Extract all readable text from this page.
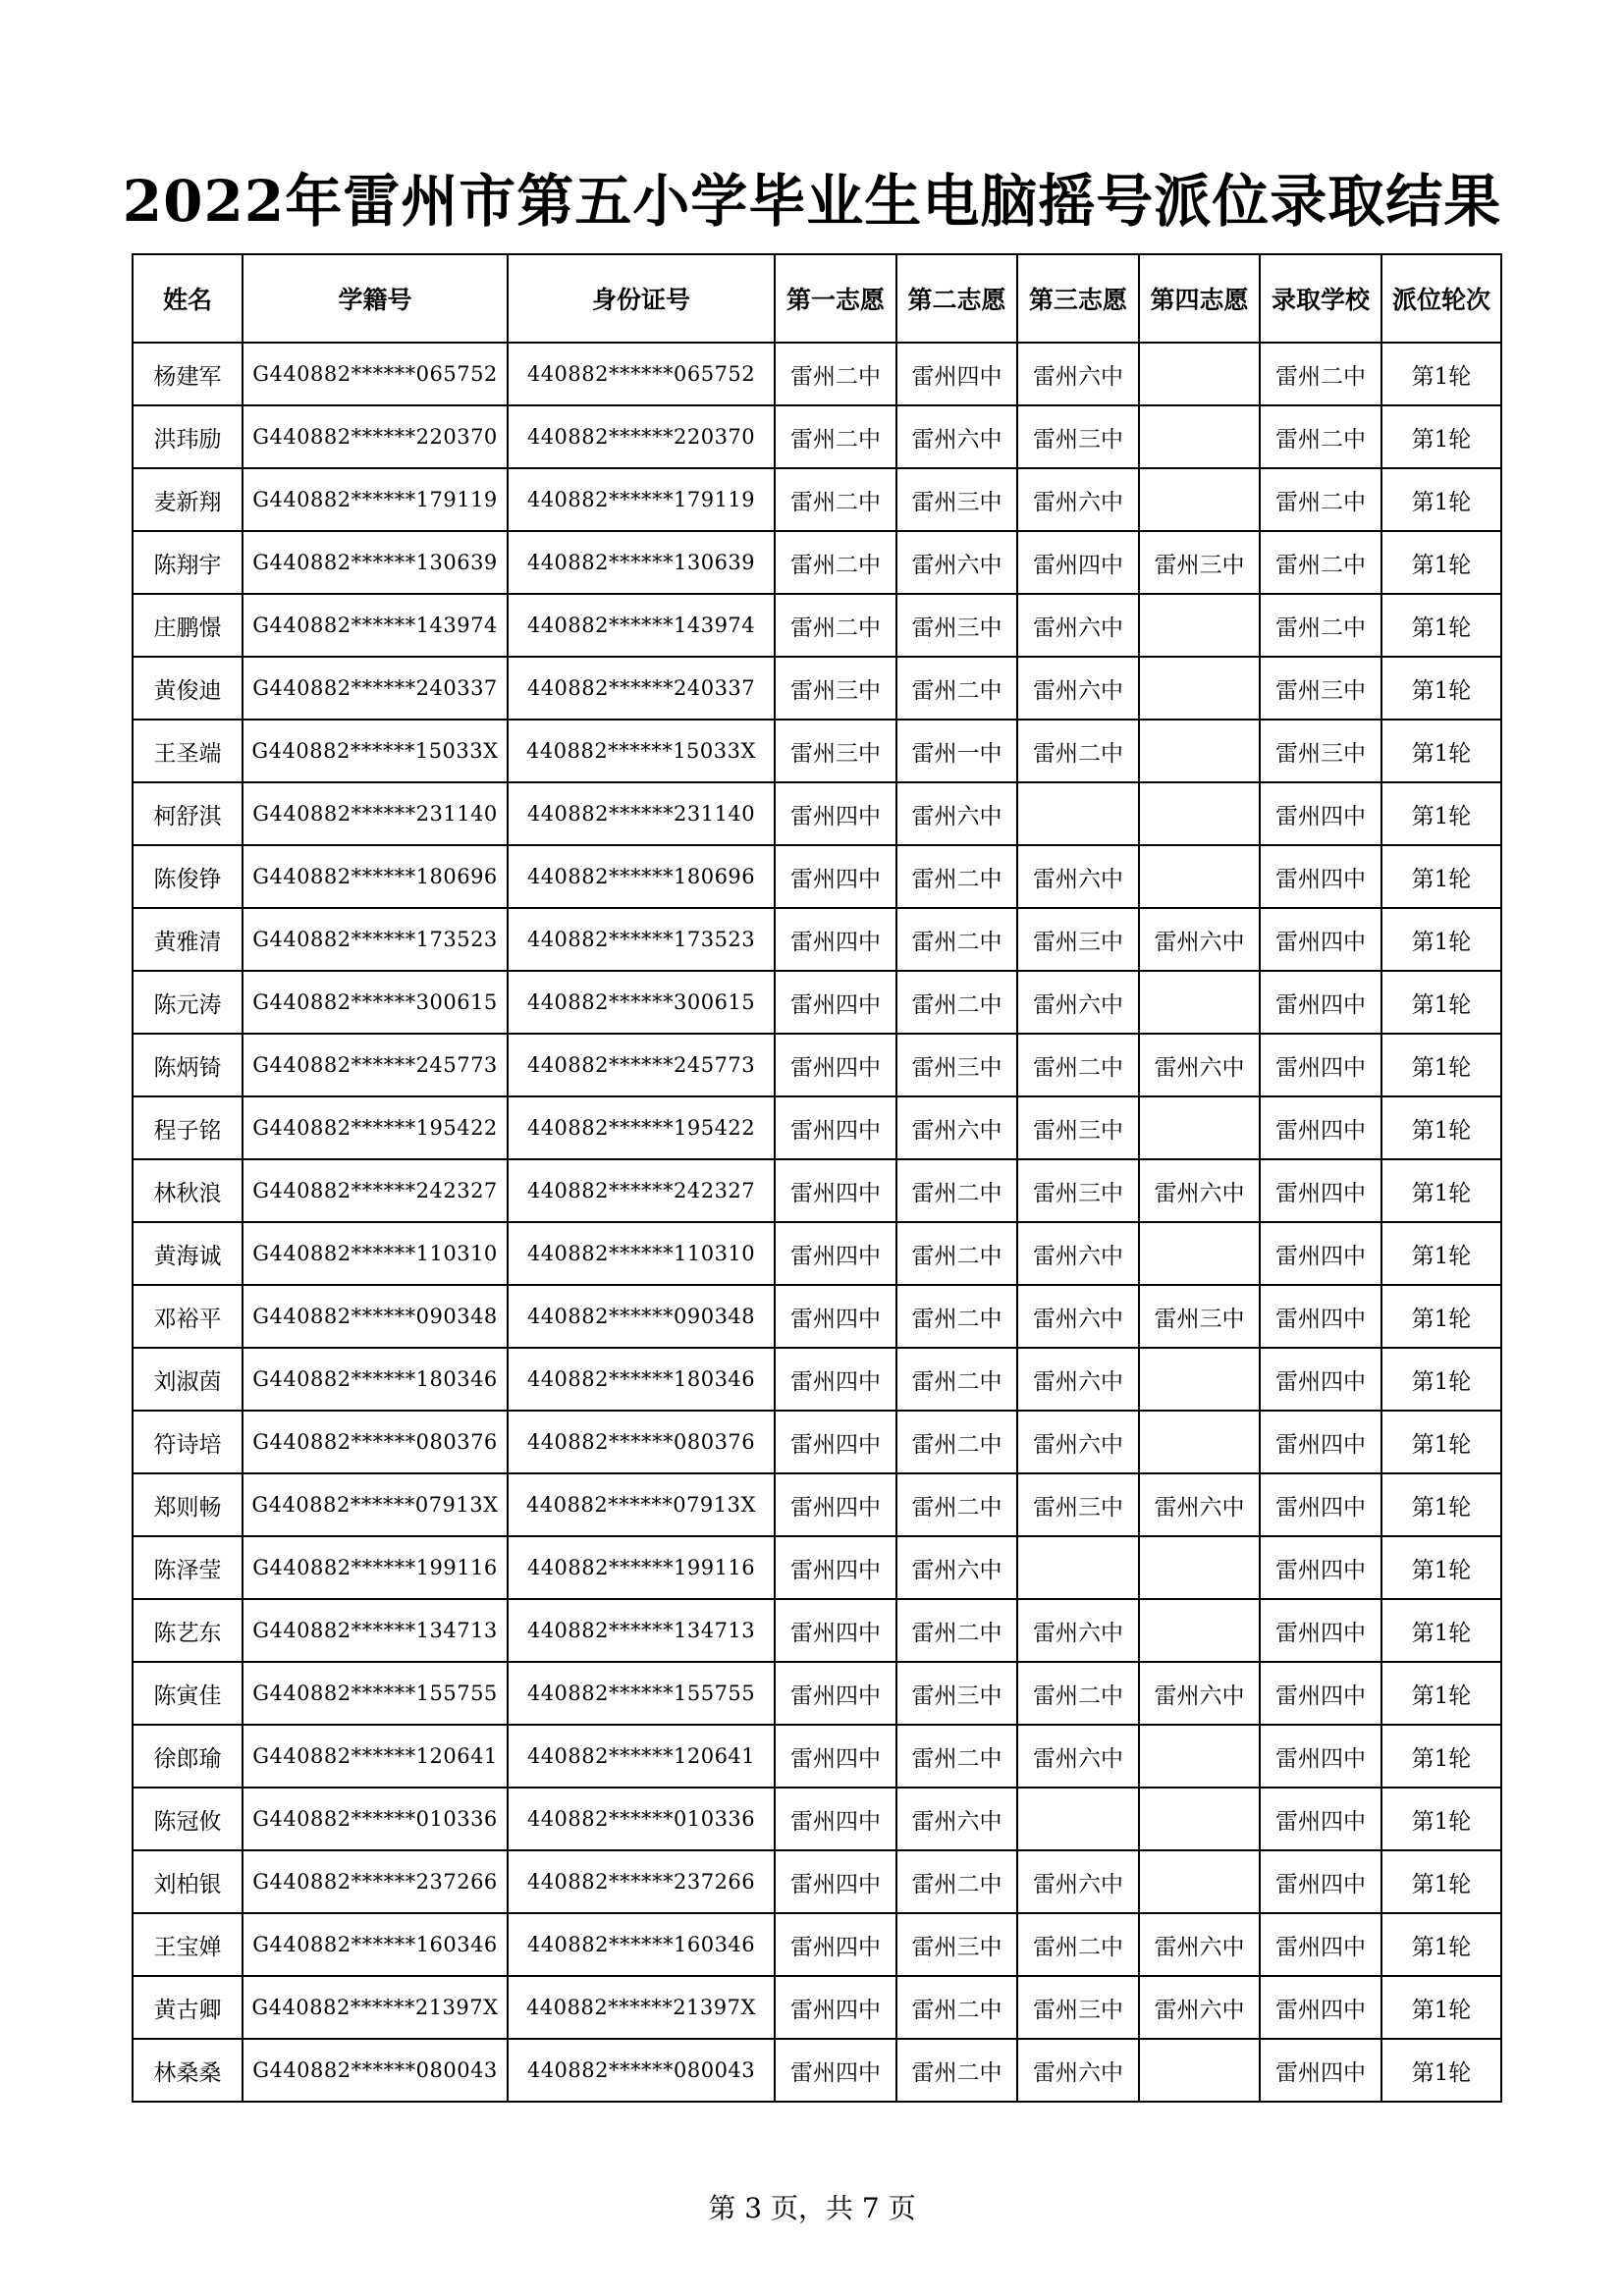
2022年雷州市第五小学毕业生电脑摇号派位录取结果
姓名	学籍号	身份证号	第一志愿	第二志愿	第三志愿	第四志愿	录取学校	派位轮次
杨建军	G440882******065752	440882******065752	雷州二中	雷州四中	雷州六中		雷州二中	第1轮
洪玮励	G440882******220370	440882******220370	雷州二中	雷州六中	雷州三中		雷州二中	第1轮
麦新翔	G440882******179119	440882******179119	雷州二中	雷州三中	雷州六中		雷州二中	第1轮
陈翔宇	G440882******130639	440882******130639	雷州二中	雷州六中	雷州四中	雷州三中	雷州二中	第1轮
庄鹏憬	G440882******143974	440882******143974	雷州二中	雷州三中	雷州六中		雷州二中	第1轮
黄俊迪	G440882******240337	440882******240337	雷州三中	雷州二中	雷州六中		雷州三中	第1轮
王圣端	G440882******15033X	440882******15033X	雷州三中	雷州一中	雷州二中		雷州三中	第1轮
柯舒淇	G440882******231140	440882******231140	雷州四中	雷州六中			雷州四中	第1轮
陈俊铮	G440882******180696	440882******180696	雷州四中	雷州二中	雷州六中		雷州四中	第1轮
黄雅清	G440882******173523	440882******173523	雷州四中	雷州二中	雷州三中	雷州六中	雷州四中	第1轮
陈元涛	G440882******300615	440882******300615	雷州四中	雷州二中	雷州六中		雷州四中	第1轮
陈炳锜	G440882******245773	440882******245773	雷州四中	雷州三中	雷州二中	雷州六中	雷州四中	第1轮
程子铭	G440882******195422	440882******195422	雷州四中	雷州六中	雷州三中		雷州四中	第1轮
林秋浪	G440882******242327	440882******242327	雷州四中	雷州二中	雷州三中	雷州六中	雷州四中	第1轮
黄海诚	G440882******110310	440882******110310	雷州四中	雷州二中	雷州六中		雷州四中	第1轮
邓裕平	G440882******090348	440882******090348	雷州四中	雷州二中	雷州六中	雷州三中	雷州四中	第1轮
刘淑茵	G440882******180346	440882******180346	雷州四中	雷州二中	雷州六中		雷州四中	第1轮
符诗培	G440882******080376	440882******080376	雷州四中	雷州二中	雷州六中		雷州四中	第1轮
郑则畅	G440882******07913X	440882******07913X	雷州四中	雷州二中	雷州三中	雷州六中	雷州四中	第1轮
陈泽莹	G440882******199116	440882******199116	雷州四中	雷州六中			雷州四中	第1轮
陈艺东	G440882******134713	440882******134713	雷州四中	雷州二中	雷州六中		雷州四中	第1轮
陈寅佳	G440882******155755	440882******155755	雷州四中	雷州三中	雷州二中	雷州六中	雷州四中	第1轮
徐郎瑜	G440882******120641	440882******120641	雷州四中	雷州二中	雷州六中		雷州四中	第1轮
陈冠攸	G440882******010336	440882******010336	雷州四中	雷州六中			雷州四中	第1轮
刘柏银	G440882******237266	440882******237266	雷州四中	雷州二中	雷州六中		雷州四中	第1轮
王宝婵	G440882******160346	440882******160346	雷州四中	雷州三中	雷州二中	雷州六中	雷州四中	第1轮
黄古卿	G440882******21397X	440882******21397X	雷州四中	雷州二中	雷州三中	雷州六中	雷州四中	第1轮
林桑桑	G440882******080043	440882******080043	雷州四中	雷州二中	雷州六中		雷州四中	第1轮
第 3 页，共 7 页
